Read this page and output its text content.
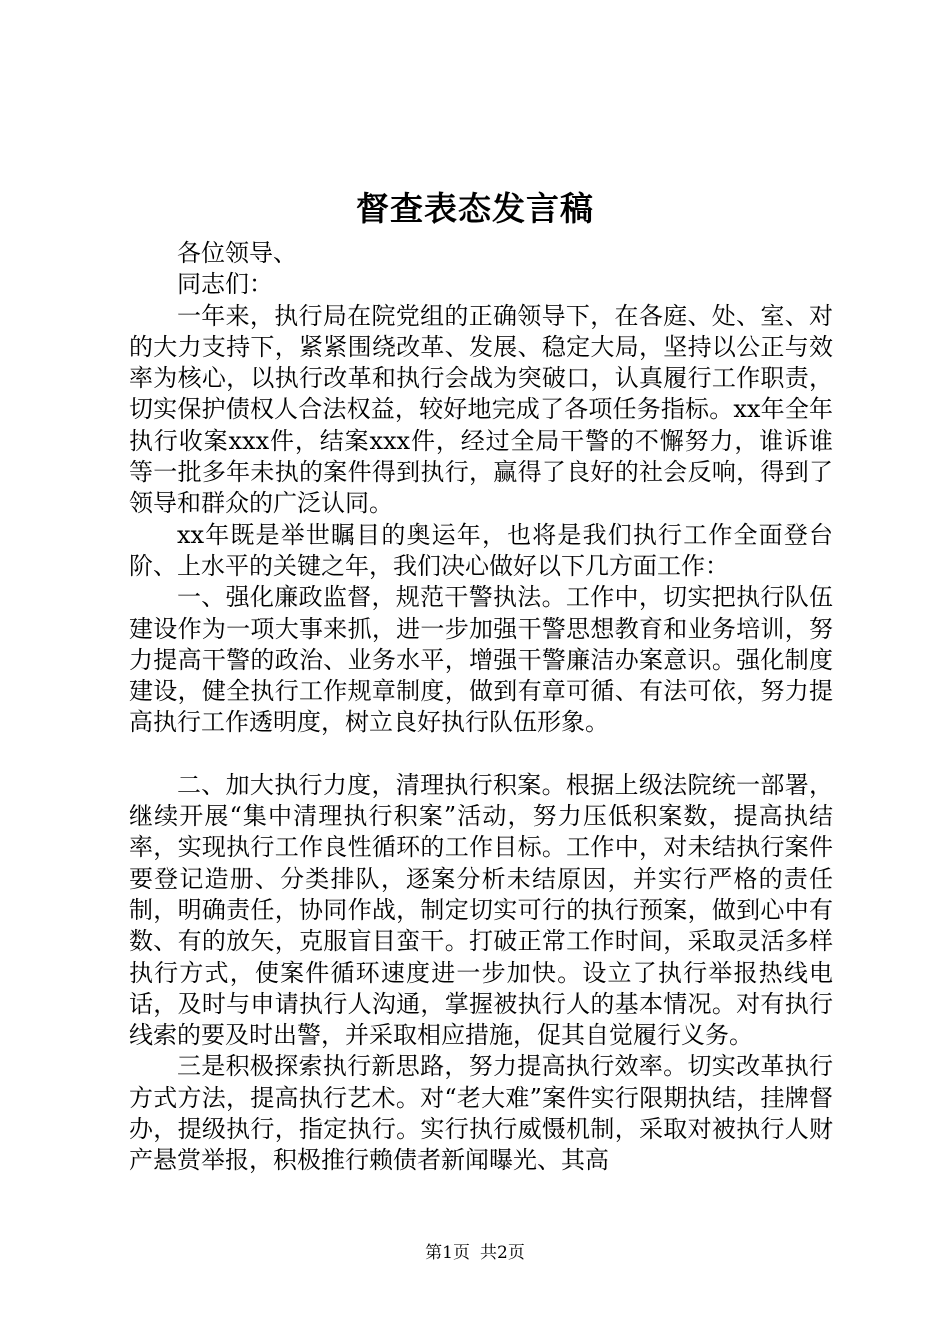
督查表态发言稿

各位领导、

同志们：

一年来，执行局在院党组的正确领导下，在各庭、处、室、对的大力支持下，紧紧围绕改革、发展、稳定大局，坚持以公正与效率为核心，以执行改革和执行会战为突破口，认真履行工作职责，切实保护债权人合法权益，较好地完成了各项任务指标。xx年全年执行收案xxx件，结案xxx件，经过全局干警的不懈努力，谁诉谁等一批多年未执的案件得到执行，赢得了良好的社会反响，得到了领导和群众的广泛认同。

xx年既是举世瞩目的奥运年，也将是我们执行工作全面登台阶、上水平的关键之年，我们决心做好以下几方面工作：

一、强化廉政监督，规范干警执法。工作中，切实把执行队伍建设作为一项大事来抓，进一步加强干警思想教育和业务培训，努力提高干警的政治、业务水平，增强干警廉洁办案意识。强化制度建设，健全执行工作规章制度，做到有章可循、有法可依，努力提高执行工作透明度，树立良好执行队伍形象。

二、加大执行力度，清理执行积案。根据上级法院统一部署，继续开展“集中清理执行积案”活动，努力压低积案数，提高执结率，实现执行工作良性循环的工作目标。工作中，对未结执行案件要登记造册、分类排队，逐案分析未结原因，并实行严格的责任制，明确责任，协同作战，制定切实可行的执行预案，做到心中有数、有的放矢，克服盲目蛮干。打破正常工作时间，采取灵活多样执行方式，使案件循环速度进一步加快。设立了执行举报热线电话，及时与申请执行人沟通，掌握被执行人的基本情况。对有执行线索的要及时出警，并采取相应措施，促其自觉履行义务。

三是积极探索执行新思路，努力提高执行效率。切实改革执行方式方法，提高执行艺术。对“老大难”案件实行限期执结，挂牌督办，提级执行，指定执行。实行执行威慑机制，采取对被执行人财产悬赏举报，积极推行赖债者新闻曝光、其高

第1页 共2页
